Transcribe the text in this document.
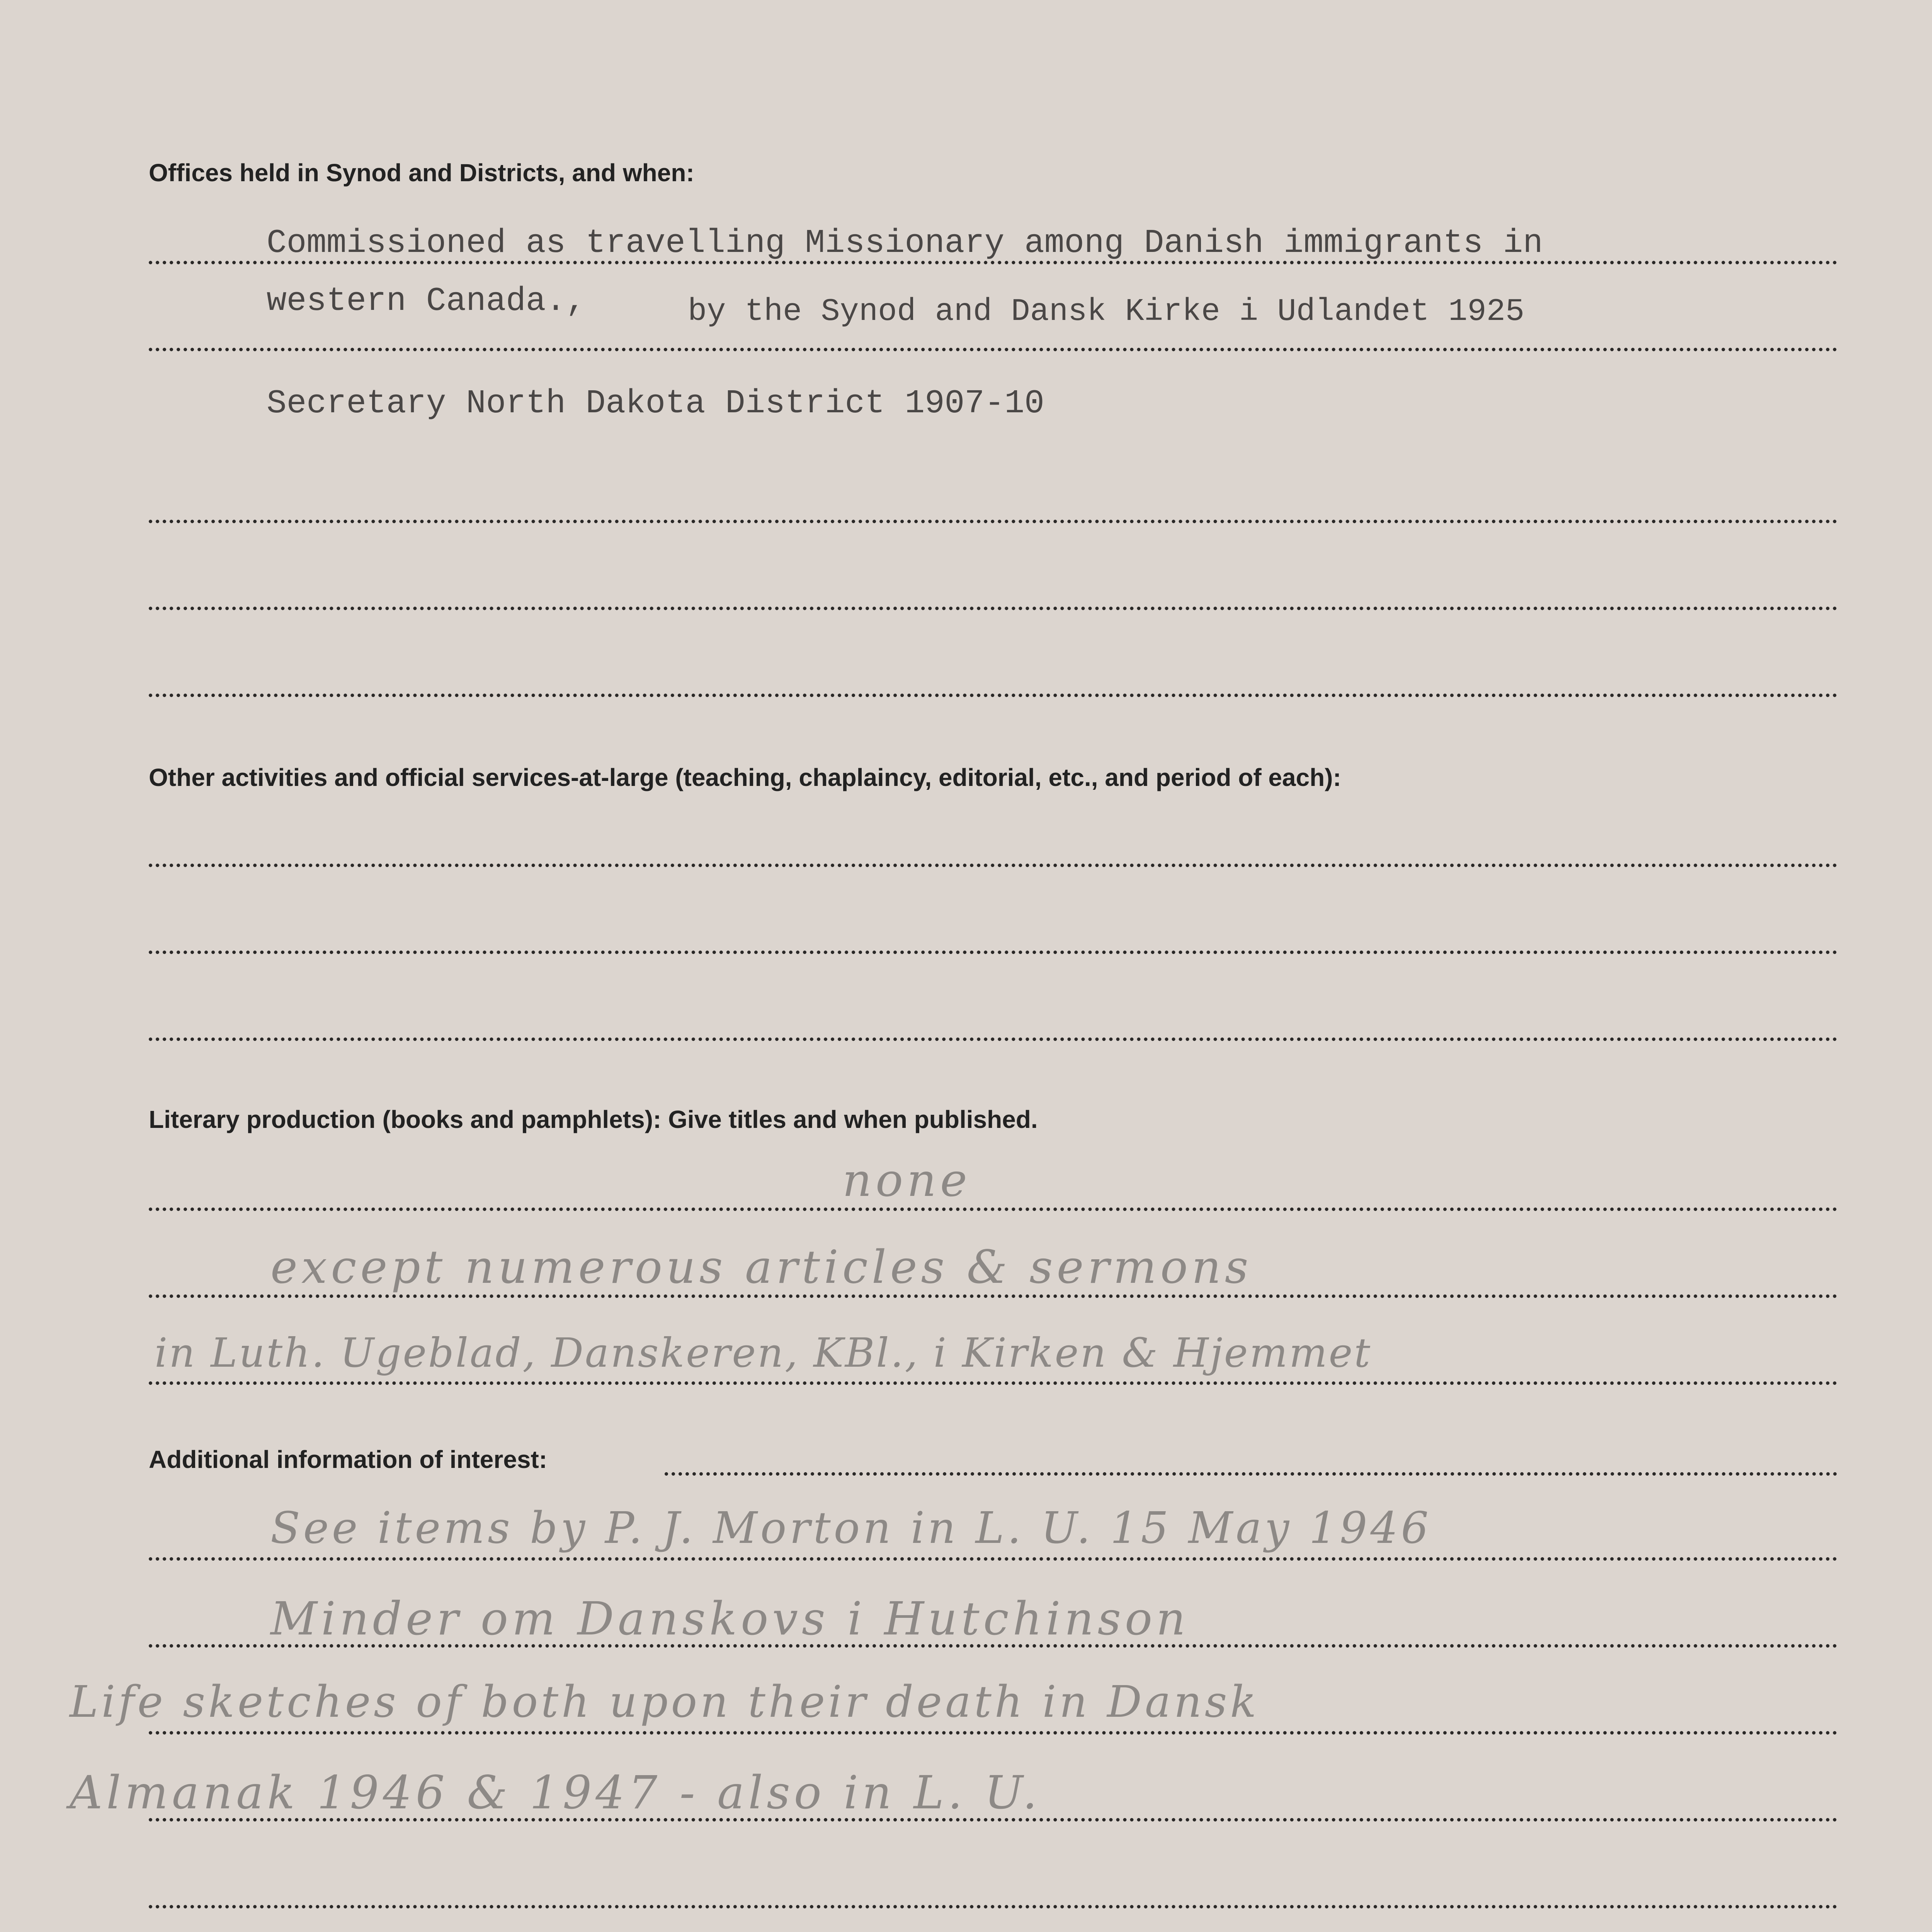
Offices held in Synod and Districts, and when:
Commissioned as travelling Missionary among Danish immigrants in
western Canada.,	by the Synod and Dansk Kirke i Udlandet 1925
Secretary North Dakota District 1907-10
Other activities and official services-at-large (teaching, chaplaincy, editorial, etc., and period of each):
Literary production (books and pamphlets): Give titles and when published.
none
except numerous articles & sermons
in Luth. Ugeblad, Danskeren, KBl., i Kirken & Hjemmet
Additional information of interest:
See items by P. J. Morton in L. U. 15 May 1946
Minder om Danskovs i Hutchinson
Life sketches of both upon their death in Dansk
Almanak 1946 & 1947 - also in L. U.
